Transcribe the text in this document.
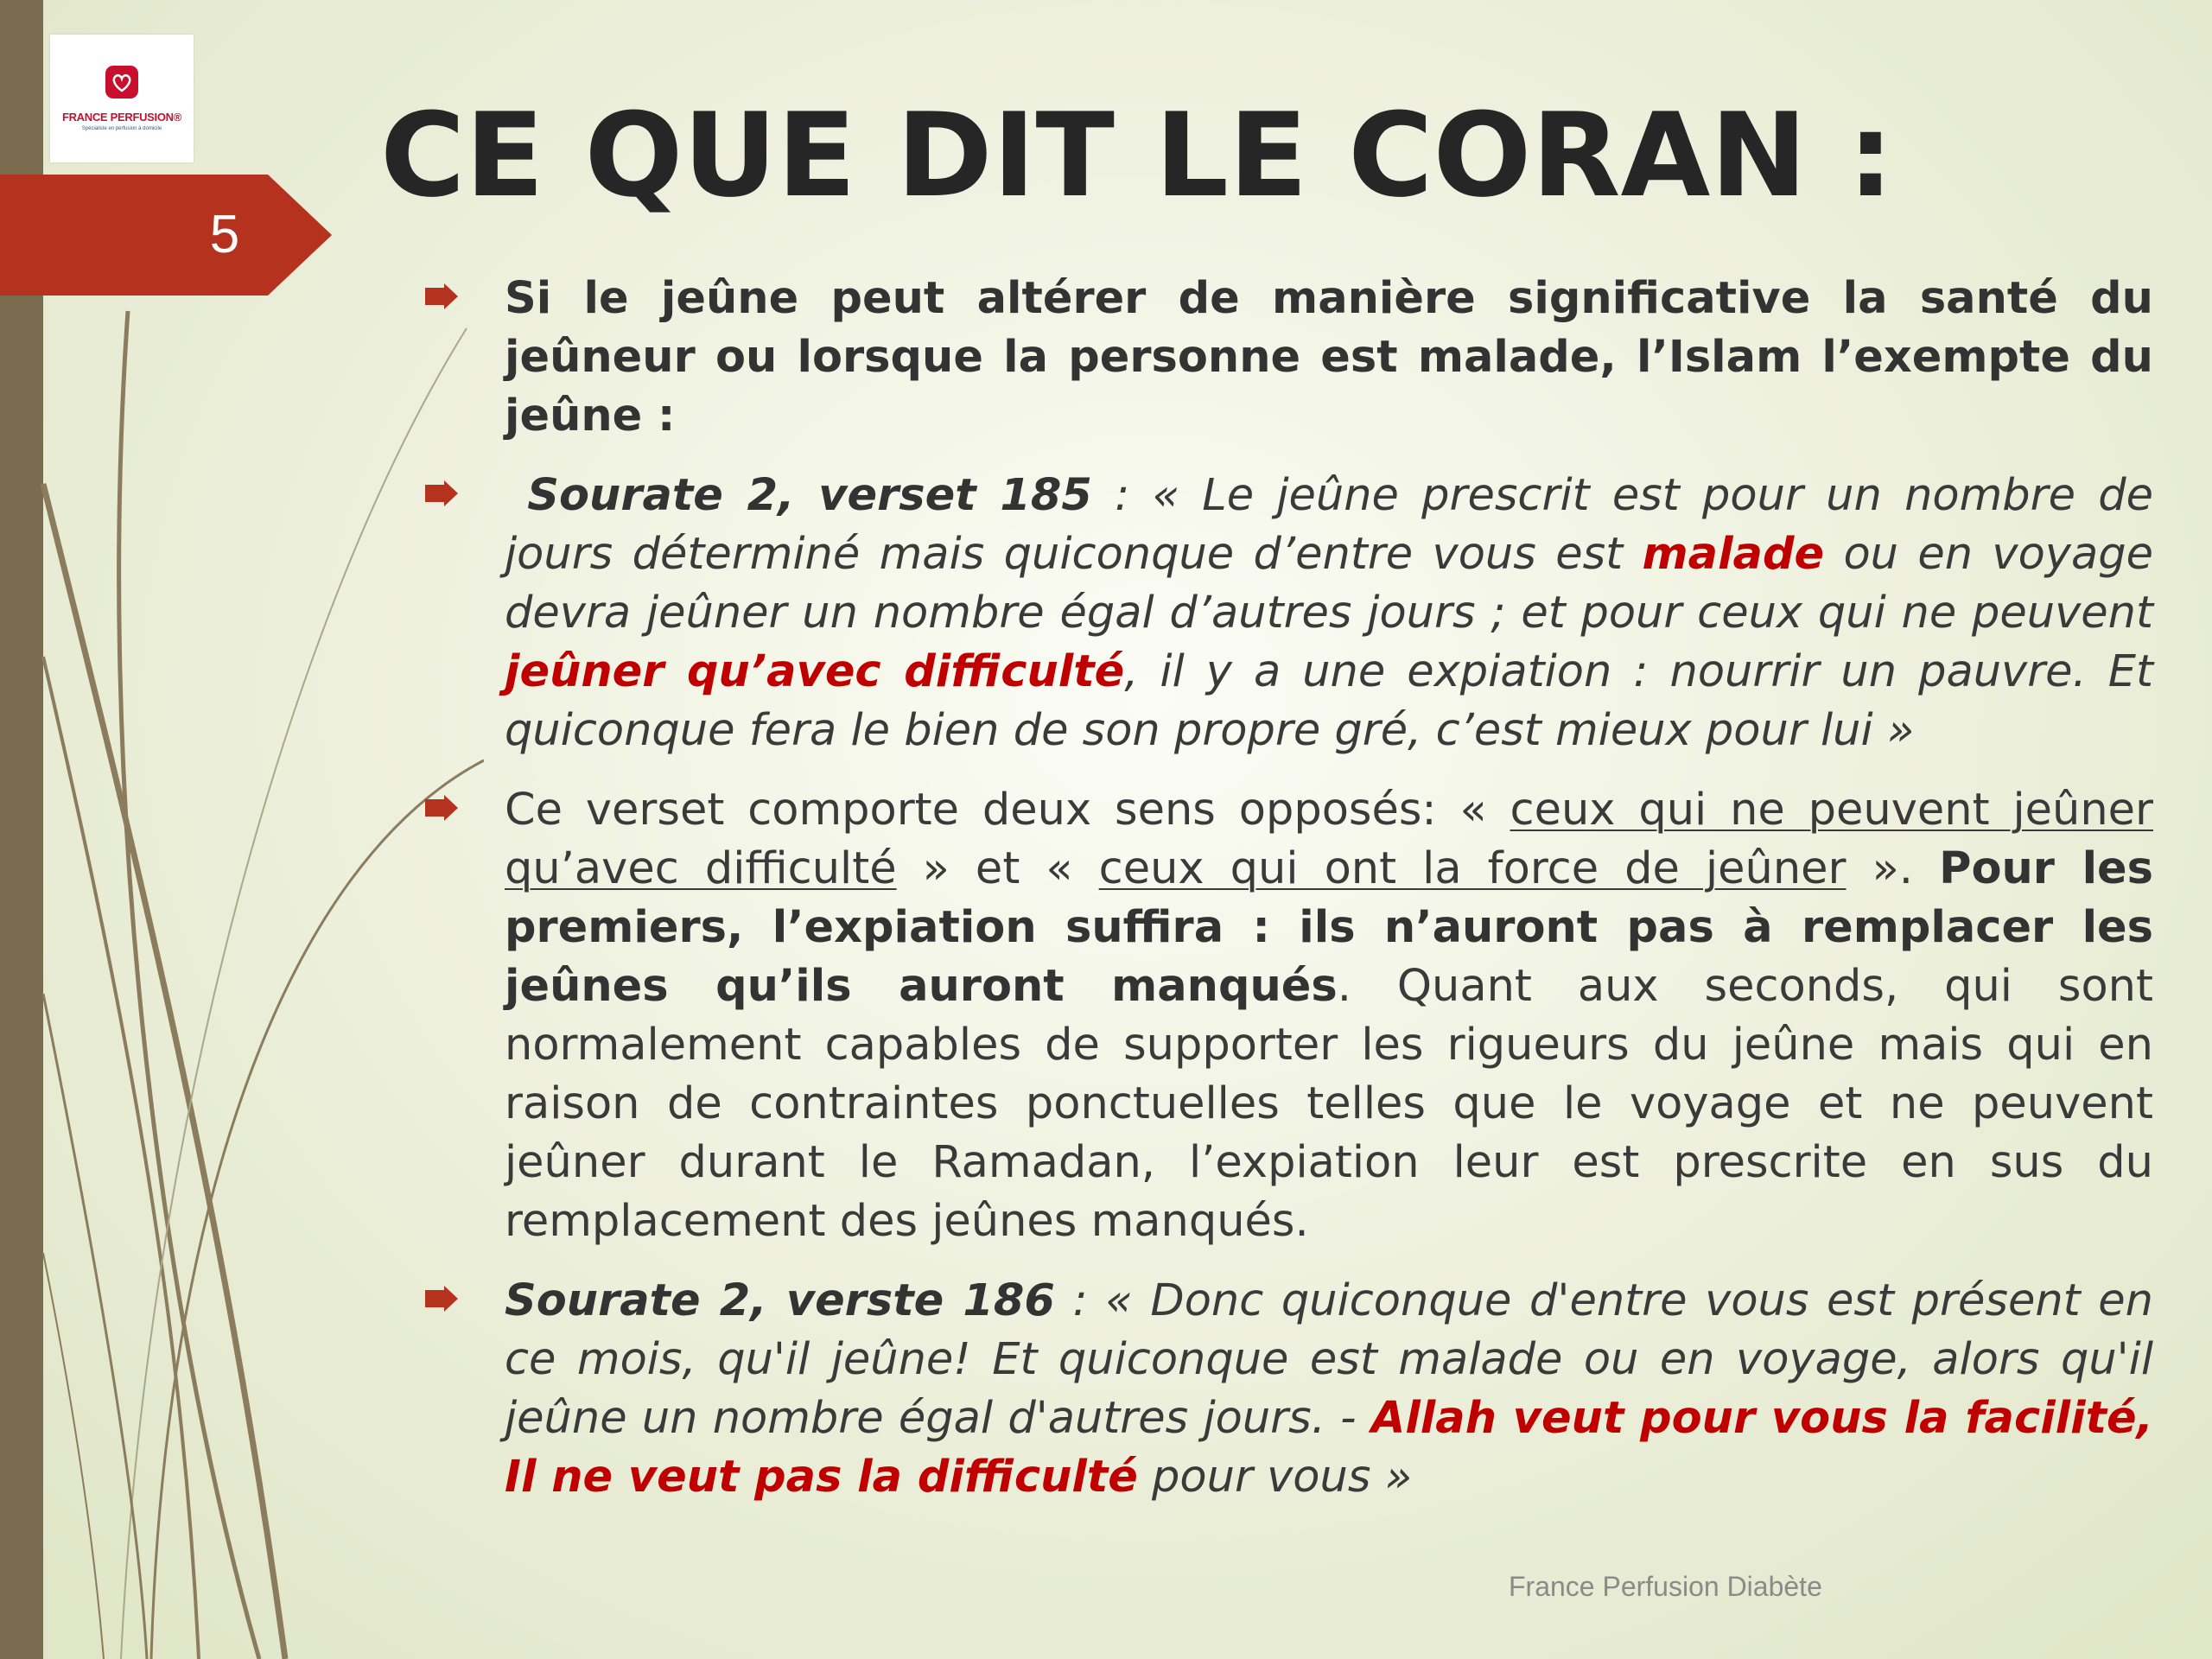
FRANCE PERFUSION®
Spécialiste en perfusion à domicile
5
CE QUE DIT LE CORAN :
Si le jeûne peut altérer de manière significative la santé du jeûneur ou lorsque la personne est malade, l’Islam l’exempte du jeûne :
Sourate 2, verset 185 : « Le jeûne prescrit est pour un nombre de jours déterminé mais quiconque d’entre vous est malade ou en voyage devra jeûner un nombre égal d’autres jours ; et pour ceux qui ne peuvent jeûner qu’avec difficulté, il y a une expiation : nourrir un pauvre. Et quiconque fera le bien de son propre gré, c’est mieux pour lui »
Ce verset comporte deux sens opposés: « ceux qui ne peuvent jeûner qu’avec difficulté » et « ceux qui ont la force de jeûner ». Pour les premiers, l’expiation suffira : ils n’auront pas à remplacer les jeûnes qu’ils auront manqués. Quant aux seconds, qui sont normalement capables de supporter les rigueurs du jeûne mais qui en raison de contraintes ponctuelles telles que le voyage et ne peuvent jeûner durant le Ramadan, l’expiation leur est prescrite en sus du remplacement des jeûnes manqués.
Sourate 2, verste 186 : « Donc quiconque d'entre vous est présent en ce mois, qu'il jeûne! Et quiconque est malade ou en voyage, alors qu'il jeûne un nombre égal d'autres jours. - Allah veut pour vous la facilité, Il ne veut pas la difficulté pour vous »
France Perfusion Diabète
